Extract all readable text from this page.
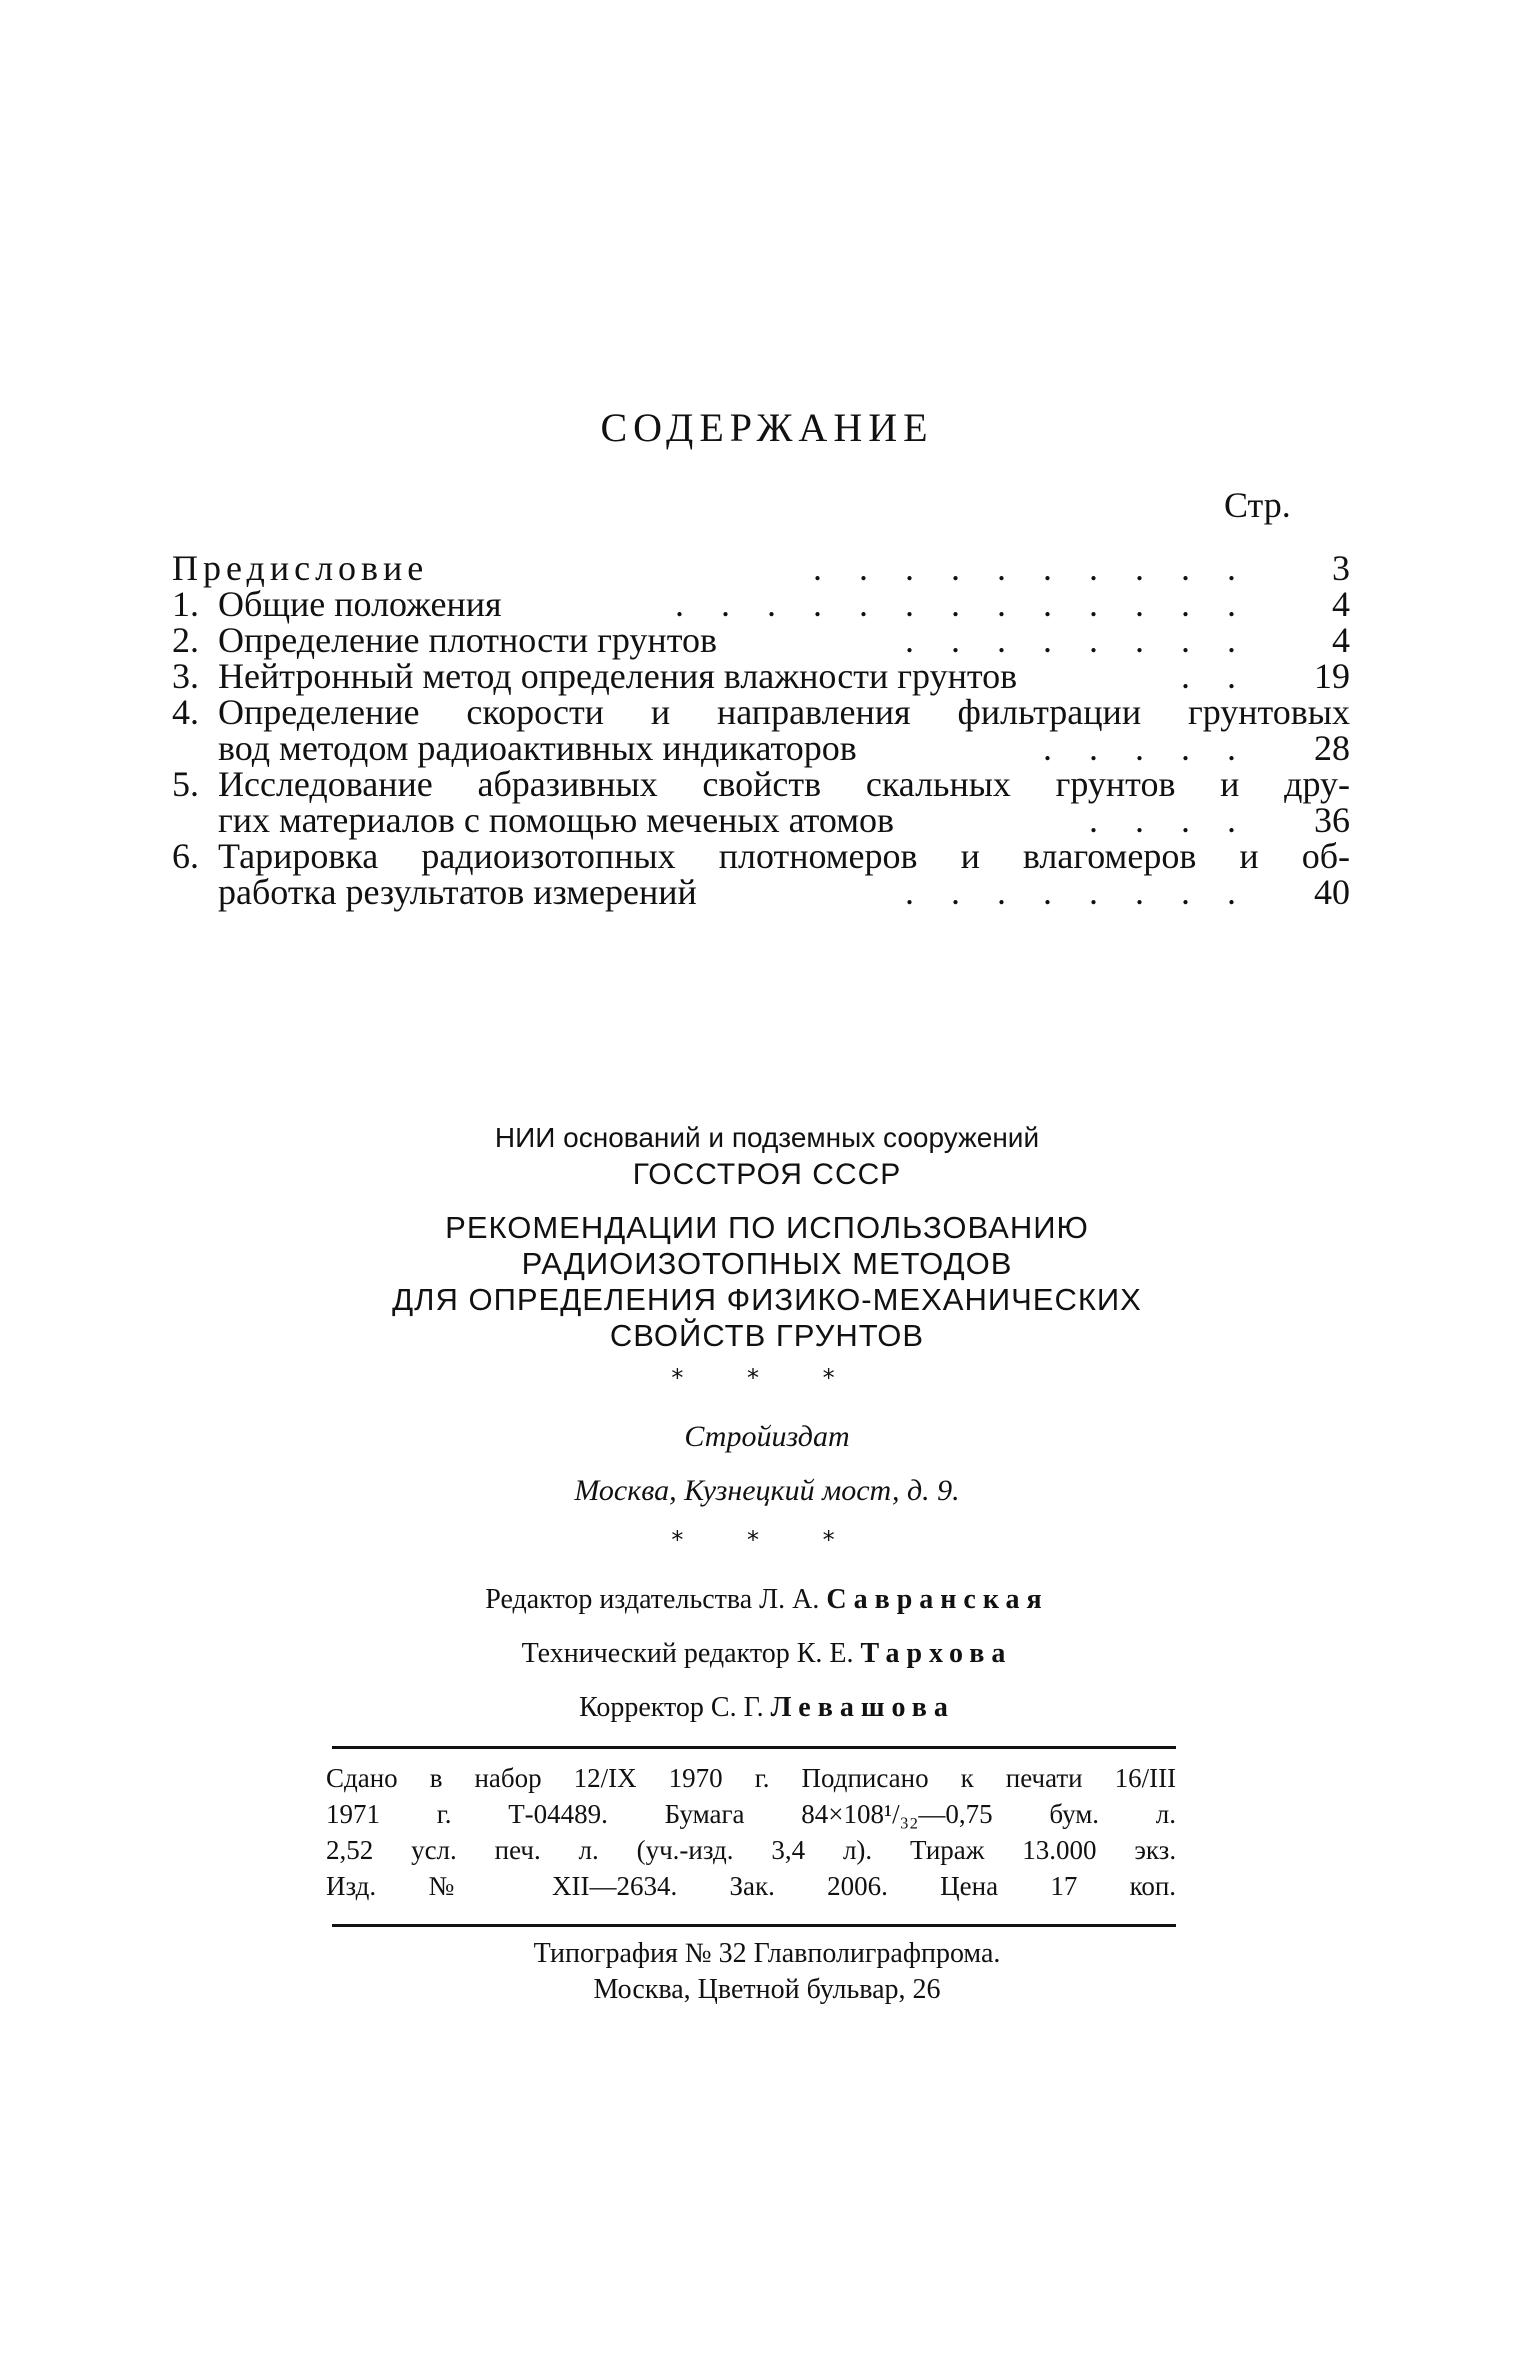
СОДЕРЖАНИЕ
Стр.
Предисловие	. . . . . . . . . .	3
1. Общие положения	. . . . . . . . . . . . .	4
2. Определение плотности грунтов	. . . . . . . .	4
3. Нейтронный метод определения влажности грунтов	. .	19
4. Определение скорости и направления фильтрации грунтовых
вод методом радиоактивных индикаторов	. . . . .	28
5. Исследование абразивных свойств скальных грунтов и дру-
гих материалов с помощью меченых атомов	. . . .	36
6. Тарировка радиоизотопных плотномеров и влагомеров и об-
работка результатов измерений	. . . . . . . .	40
НИИ оснований и подземных сооружений
ГОССТРОЯ СССР
РЕКОМЕНДАЦИИ ПО ИСПОЛЬЗОВАНИЮ
РАДИОИЗОТОПНЫХ МЕТОДОВ
ДЛЯ ОПРЕДЕЛЕНИЯ ФИЗИКО-МЕХАНИЧЕСКИХ
СВОЙСТВ ГРУНТОВ
* * *
Стройиздат
Москва, Кузнецкий мост, д. 9.
* * *
Редактор издательства Л. А. Савранская
Технический редактор К. Е. Тархова
Корректор С. Г. Левашова
Сдано в набор 12/IX 1970 г. Подписано к печати 16/III
1971 г. Т-04489. Бумага 84×108¹/₃₂—0,75 бум. л.
2,52 усл. печ. л. (уч.-изд. 3,4 л). Тираж 13.000 экз.
Изд. № XII—2634. Зак. 2006. Цена 17 коп.
Типография № 32 Главполиграфпрома.
Москва, Цветной бульвар, 26
